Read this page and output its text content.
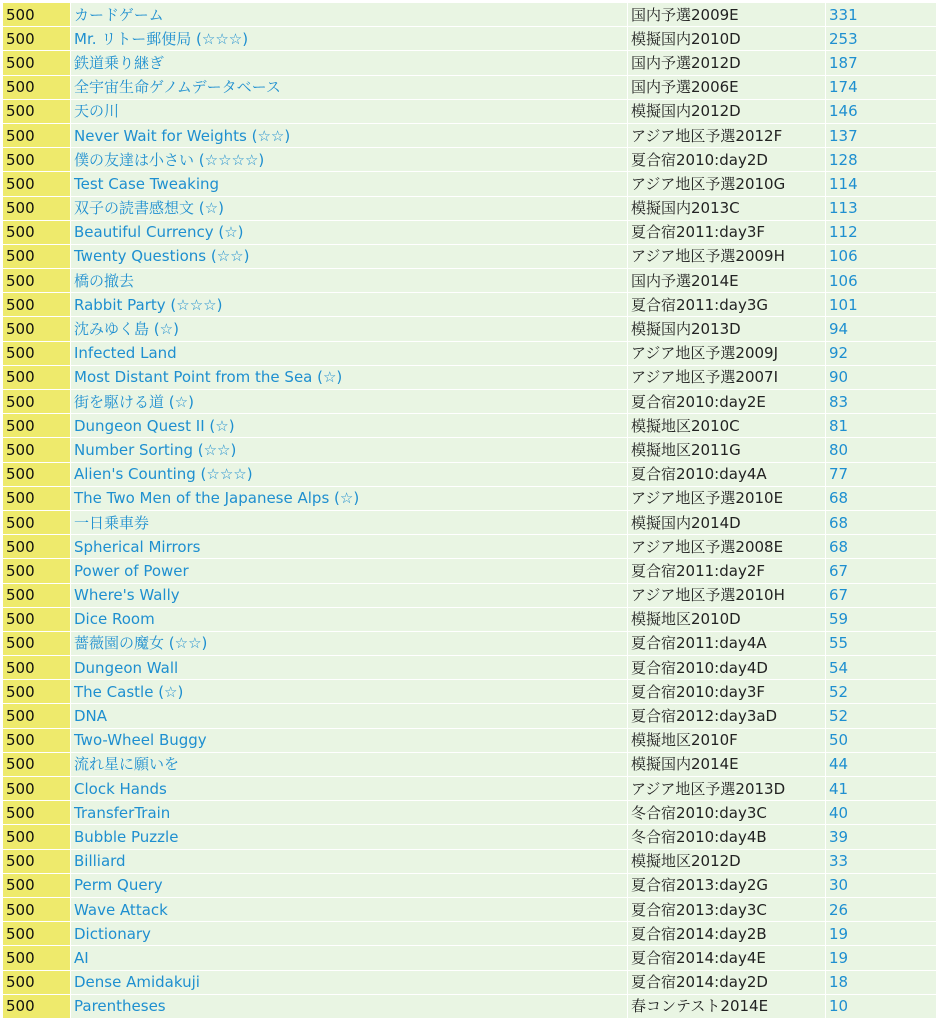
500	カードゲーム	国内予選2009E	331
500	Mr. リトー郵便局 (☆☆☆)	模擬国内2010D	253
500	鉄道乗り継ぎ	国内予選2012D	187
500	全宇宙生命ゲノムデータベース	国内予選2006E	174
500	天の川	模擬国内2012D	146
500	Never Wait for Weights (☆☆)	アジア地区予選2012F	137
500	僕の友達は小さい (☆☆☆☆)	夏合宿2010:day2D	128
500	Test Case Tweaking	アジア地区予選2010G	114
500	双子の読書感想文 (☆)	模擬国内2013C	113
500	Beautiful Currency (☆)	夏合宿2011:day3F	112
500	Twenty Questions (☆☆)	アジア地区予選2009H	106
500	橋の撤去	国内予選2014E	106
500	Rabbit Party (☆☆☆)	夏合宿2011:day3G	101
500	沈みゆく島 (☆)	模擬国内2013D	94
500	Infected Land	アジア地区予選2009J	92
500	Most Distant Point from the Sea (☆)	アジア地区予選2007I	90
500	街を駆ける道 (☆)	夏合宿2010:day2E	83
500	Dungeon Quest II (☆)	模擬地区2010C	81
500	Number Sorting (☆☆)	模擬地区2011G	80
500	Alien's Counting (☆☆☆)	夏合宿2010:day4A	77
500	The Two Men of the Japanese Alps (☆)	アジア地区予選2010E	68
500	一日乗車券	模擬国内2014D	68
500	Spherical Mirrors	アジア地区予選2008E	68
500	Power of Power	夏合宿2011:day2F	67
500	Where's Wally	アジア地区予選2010H	67
500	Dice Room	模擬地区2010D	59
500	薔薇園の魔女 (☆☆)	夏合宿2011:day4A	55
500	Dungeon Wall	夏合宿2010:day4D	54
500	The Castle (☆)	夏合宿2010:day3F	52
500	DNA	夏合宿2012:day3aD	52
500	Two-Wheel Buggy	模擬地区2010F	50
500	流れ星に願いを	模擬国内2014E	44
500	Clock Hands	アジア地区予選2013D	41
500	TransferTrain	冬合宿2010:day3C	40
500	Bubble Puzzle	冬合宿2010:day4B	39
500	Billiard	模擬地区2012D	33
500	Perm Query	夏合宿2013:day2G	30
500	Wave Attack	夏合宿2013:day3C	26
500	Dictionary	夏合宿2014:day2B	19
500	AI	夏合宿2014:day4E	19
500	Dense Amidakuji	夏合宿2014:day2D	18
500	Parentheses	春コンテスト2014E	10
